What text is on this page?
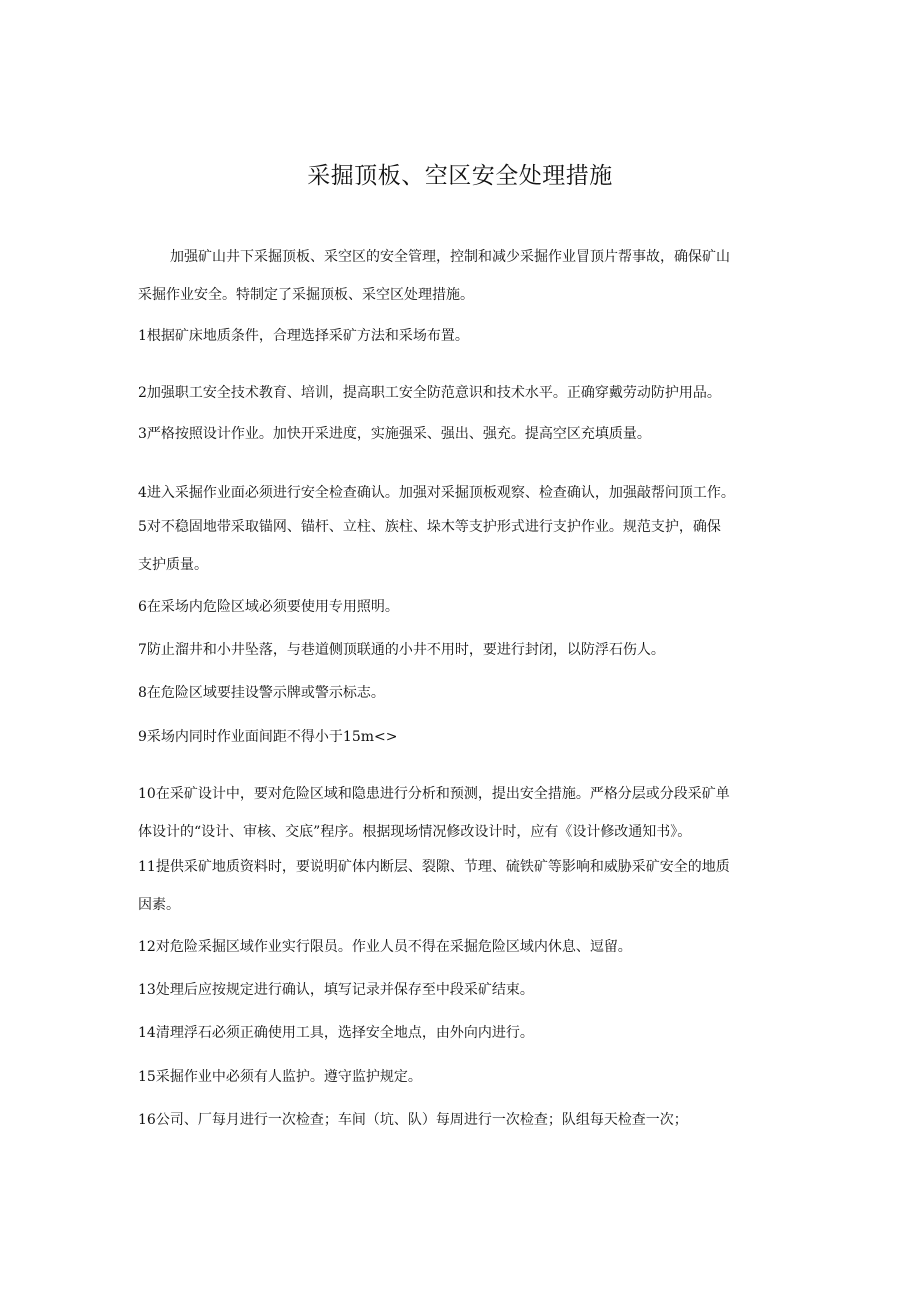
采掘顶板、空区安全处理措施
加强矿山井下采掘顶板、采空区的安全管理，控制和减少采掘作业冒顶片帮事故，确保矿山
采掘作业安全。特制定了采掘顶板、采空区处理措施。
1根据矿床地质条件，合理选择采矿方法和采场布置。
2加强职工安全技术教育、培训，提高职工安全防范意识和技术水平。正确穿戴劳动防护用品。
3严格按照设计作业。加快开采进度，实施强采、强出、强充。提高空区充填质量。
4进入采掘作业面必须进行安全检查确认。加强对采掘顶板观察、检查确认，加强敲帮问顶工作。
5对不稳固地带采取锚网、锚杆、立柱、族柱、垛木等支护形式进行支护作业。规范支护，确保
支护质量。
6在采场内危险区域必须要使用专用照明。
7防止溜井和小井坠落，与巷道侧顶联通的小井不用时，要进行封闭，以防浮石伤人。
8在危险区域要挂设警示牌或警示标志。
9采场内同时作业面间距不得小于15m<>
10在采矿设计中，要对危险区域和隐患进行分析和预测，提出安全措施。严格分层或分段采矿单
体设计的“设计、审核、交底”程序。根据现场情况修改设计时，应有《设计修改通知书》。
11提供采矿地质资料时，要说明矿体内断层、裂隙、节理、硫铁矿等影响和威胁采矿安全的地质
因素。
12对危险采掘区域作业实行限员。作业人员不得在采掘危险区域内休息、逗留。
13处理后应按规定进行确认，填写记录并保存至中段采矿结束。
14清理浮石必须正确使用工具，选择安全地点，由外向内进行。
15采掘作业中必须有人监护。遵守监护规定。
16公司、厂每月进行一次检查；车间（坑、队）每周进行一次检查；队组每天检查一次；
